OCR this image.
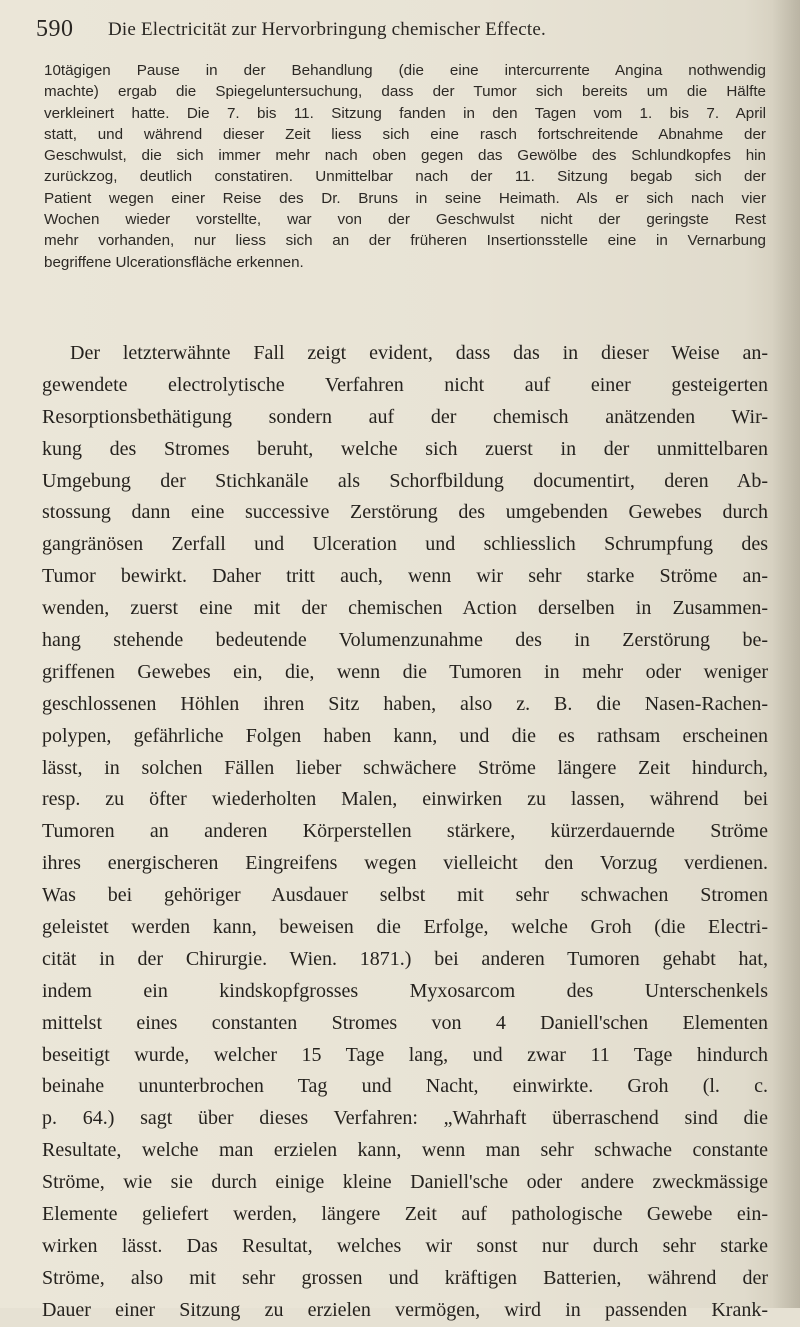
590 Die Electricität zur Hervorbringung chemischer Effecte.
10tägigen Pause in der Behandlung (die eine intercurrente Angina nothwendig
machte) ergab die Spiegeluntersuchung, dass der Tumor sich bereits um die Hälfte
verkleinert hatte. Die 7. bis 11. Sitzung fanden in den Tagen vom 1. bis 7. April
statt, und während dieser Zeit liess sich eine rasch fortschreitende Abnahme der
Geschwulst, die sich immer mehr nach oben gegen das Gewölbe des Schlundkopfes hin
zurückzog, deutlich constatiren. Unmittelbar nach der 11. Sitzung begab sich der
Patient wegen einer Reise des Dr. Bruns in seine Heimath. Als er sich nach vier
Wochen wieder vorstellte, war von der Geschwulst nicht der geringste Rest
mehr vorhanden, nur liess sich an der früheren Insertionsstelle eine in Vernarbung
begriffene Ulcerationsfläche erkennen.
Der letzterwähnte Fall zeigt evident, dass das in dieser Weise an-
gewendete electrolytische Verfahren nicht auf einer gesteigerten
Resorptionsbethätigung sondern auf der chemisch anätzenden Wir-
kung des Stromes beruht, welche sich zuerst in der unmittelbaren
Umgebung der Stichkanäle als Schorfbildung documentirt, deren Ab-
stossung dann eine successive Zerstörung des umgebenden Gewebes durch
gangränösen Zerfall und Ulceration und schliesslich Schrumpfung des
Tumor bewirkt. Daher tritt auch, wenn wir sehr starke Ströme an-
wenden, zuerst eine mit der chemischen Action derselben in Zusammen-
hang stehende bedeutende Volumenzunahme des in Zerstörung be-
griffenen Gewebes ein, die, wenn die Tumoren in mehr oder weniger
geschlossenen Höhlen ihren Sitz haben, also z. B. die Nasen-Rachen-
polypen, gefährliche Folgen haben kann, und die es rathsam erscheinen
lässt, in solchen Fällen lieber schwächere Ströme längere Zeit hindurch,
resp. zu öfter wiederholten Malen, einwirken zu lassen, während bei
Tumoren an anderen Körperstellen stärkere, kürzerdauernde Ströme
ihres energischeren Eingreifens wegen vielleicht den Vorzug verdienen.
Was bei gehöriger Ausdauer selbst mit sehr schwachen Stromen
geleistet werden kann, beweisen die Erfolge, welche Groh (die Electri-
cität in der Chirurgie. Wien. 1871.) bei anderen Tumoren gehabt hat,
indem ein kindskopfgrosses Myxosarcom des Unterschenkels
mittelst eines constanten Stromes von 4 Daniell'schen Elementen
beseitigt wurde, welcher 15 Tage lang, und zwar 11 Tage hindurch
beinahe ununterbrochen Tag und Nacht, einwirkte. Groh (l. c.
p. 64.) sagt über dieses Verfahren: „Wahrhaft überraschend sind die
Resultate, welche man erzielen kann, wenn man sehr schwache constante
Ströme, wie sie durch einige kleine Daniell'sche oder andere zweckmässige
Elemente geliefert werden, längere Zeit auf pathologische Gewebe ein-
wirken lässt. Das Resultat, welches wir sonst nur durch sehr starke
Ströme, also mit sehr grossen und kräftigen Batterien, während der
Dauer einer Sitzung zu erzielen vermögen, wird in passenden Krank-
